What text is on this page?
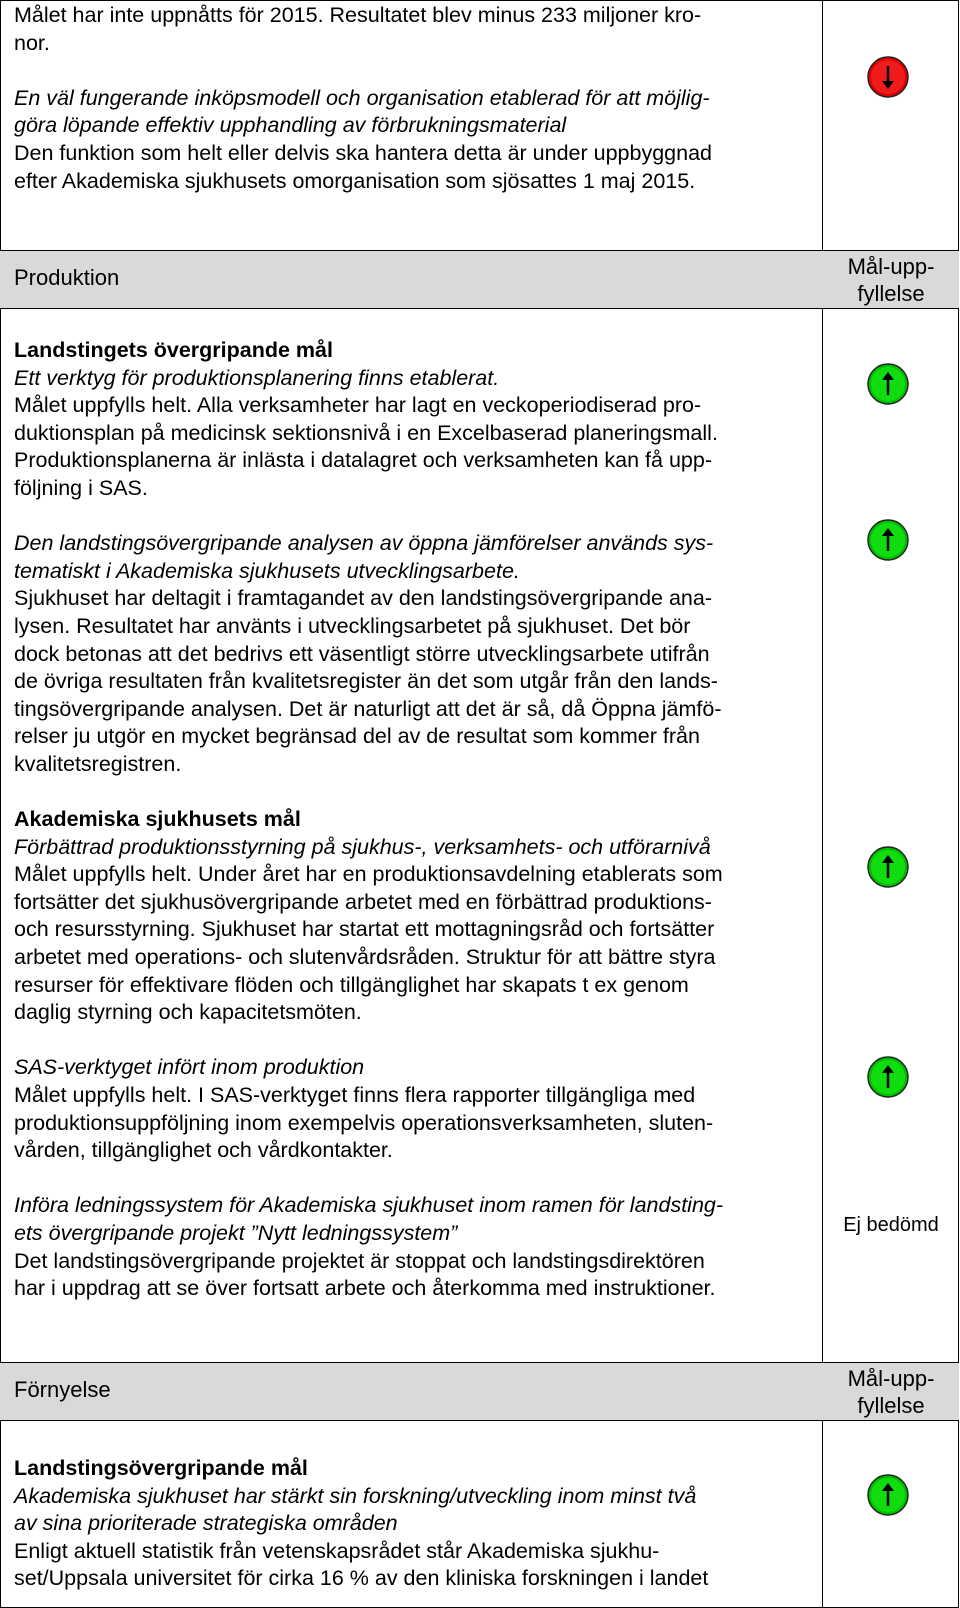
Målet har inte uppnåtts för 2015. Resultatet blev minus 233 miljoner kro-
nor.

En väl fungerande inköpsmodell och organisation etablerad för att möjlig-
göra löpande effektiv upphandling av förbrukningsmaterial
Den funktion som helt eller delvis ska hantera detta är under uppbyggnad
efter Akademiska sjukhusets omorganisation som sjösattes 1 maj 2015.

Produktion	Mål-upp-
fyllelse
Landstingets övergripande mål
Ett verktyg för produktionsplanering finns etablerat.
Målet uppfylls helt. Alla verksamheter har lagt en veckoperiodiserad pro-
duktionsplan på medicinsk sektionsnivå i en Excelbaserad planeringsmall.
Produktionsplanerna är inlästa i datalagret och verksamheten kan få upp-
följning i SAS.

Den landstingsövergripande analysen av öppna jämförelser används sys-
tematiskt i Akademiska sjukhusets utvecklingsarbete.
Sjukhuset har deltagit i framtagandet av den landstingsövergripande ana-
lysen. Resultatet har använts i utvecklingsarbetet på sjukhuset. Det bör
dock betonas att det bedrivs ett väsentligt större utvecklingsarbete utifrån
de övriga resultaten från kvalitetsregister än det som utgår från den lands-
tingsövergripande analysen. Det är naturligt att det är så, då Öppna jämfö-
relser ju utgör en mycket begränsad del av de resultat som kommer från
kvalitetsregistren.

Akademiska sjukhusets mål
Förbättrad produktionsstyrning på sjukhus-, verksamhets- och utförarnivå
Målet uppfylls helt. Under året har en produktionsavdelning etablerats som
fortsätter det sjukhusövergripande arbetet med en förbättrad produktions-
och resursstyrning. Sjukhuset har startat ett mottagningsråd och fortsätter
arbetet med operations- och slutenvårdsråden. Struktur för att bättre styra
resurser för effektivare flöden och tillgänglighet har skapats t ex genom
daglig styrning och kapacitetsmöten.

SAS-verktyget infört inom produktion
Målet uppfylls helt. I SAS-verktyget finns flera rapporter tillgängliga med
produktionsuppföljning inom exempelvis operationsverksamheten, sluten-
vården, tillgänglighet och vårdkontakter.

Införa ledningssystem för Akademiska sjukhuset inom ramen för landsting-
ets övergripande projekt ”Nytt ledningssystem”
Det landstingsövergripande projektet är stoppat och landstingsdirektören
har i uppdrag att se över fortsatt arbete och återkomma med instruktioner.
Ej bedömd
Förnyelse	Mål-upp-
fyllelse
Landstingsövergripande mål
Akademiska sjukhuset har stärkt sin forskning/utveckling inom minst två
av sina prioriterade strategiska områden
Enligt aktuell statistik från vetenskapsrådet står Akademiska sjukhu-
set/Uppsala universitet för cirka 16 % av den kliniska forskningen i landet
